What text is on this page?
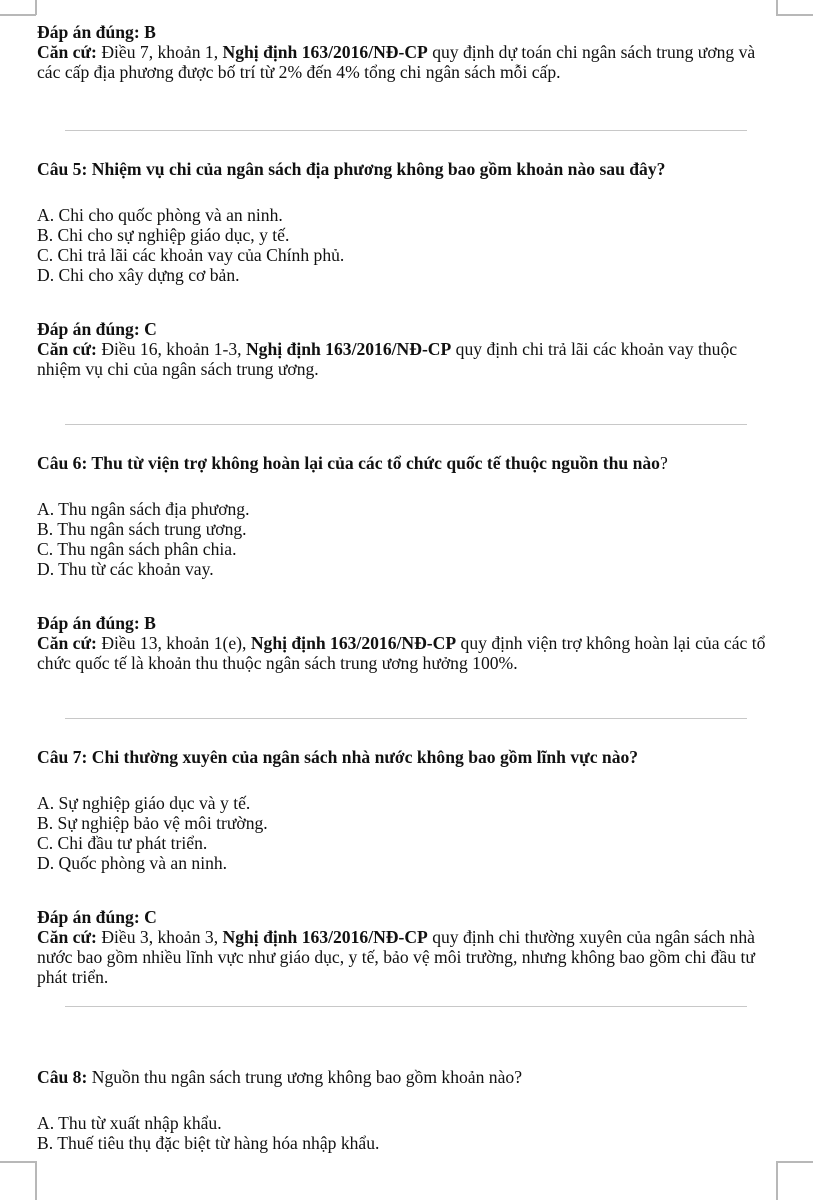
Đáp án đúng: B
Căn cứ: Điều 7, khoản 1, Nghị định 163/2016/NĐ-CP quy định dự toán chi ngân sách trung ương và các cấp địa phương được bố trí từ 2% đến 4% tổng chi ngân sách mỗi cấp.
Câu 5: Nhiệm vụ chi của ngân sách địa phương không bao gồm khoản nào sau đây?
A. Chi cho quốc phòng và an ninh.
B. Chi cho sự nghiệp giáo dục, y tế.
C. Chi trả lãi các khoản vay của Chính phủ.
D. Chi cho xây dựng cơ bản.
Đáp án đúng: C
Căn cứ: Điều 16, khoản 1-3, Nghị định 163/2016/NĐ-CP quy định chi trả lãi các khoản vay thuộc nhiệm vụ chi của ngân sách trung ương.
Câu 6: Thu từ viện trợ không hoàn lại của các tổ chức quốc tế thuộc nguồn thu nào?
A. Thu ngân sách địa phương.
B. Thu ngân sách trung ương.
C. Thu ngân sách phân chia.
D. Thu từ các khoản vay.
Đáp án đúng: B
Căn cứ: Điều 13, khoản 1(e), Nghị định 163/2016/NĐ-CP quy định viện trợ không hoàn lại của các tổ chức quốc tế là khoản thu thuộc ngân sách trung ương hưởng 100%.
Câu 7: Chi thường xuyên của ngân sách nhà nước không bao gồm lĩnh vực nào?
A. Sự nghiệp giáo dục và y tế.
B. Sự nghiệp bảo vệ môi trường.
C. Chi đầu tư phát triển.
D. Quốc phòng và an ninh.
Đáp án đúng: C
Căn cứ: Điều 3, khoản 3, Nghị định 163/2016/NĐ-CP quy định chi thường xuyên của ngân sách nhà nước bao gồm nhiều lĩnh vực như giáo dục, y tế, bảo vệ môi trường, nhưng không bao gồm chi đầu tư phát triển.
Câu 8: Nguồn thu ngân sách trung ương không bao gồm khoản nào?
A. Thu từ xuất nhập khẩu.
B. Thuế tiêu thụ đặc biệt từ hàng hóa nhập khẩu.
